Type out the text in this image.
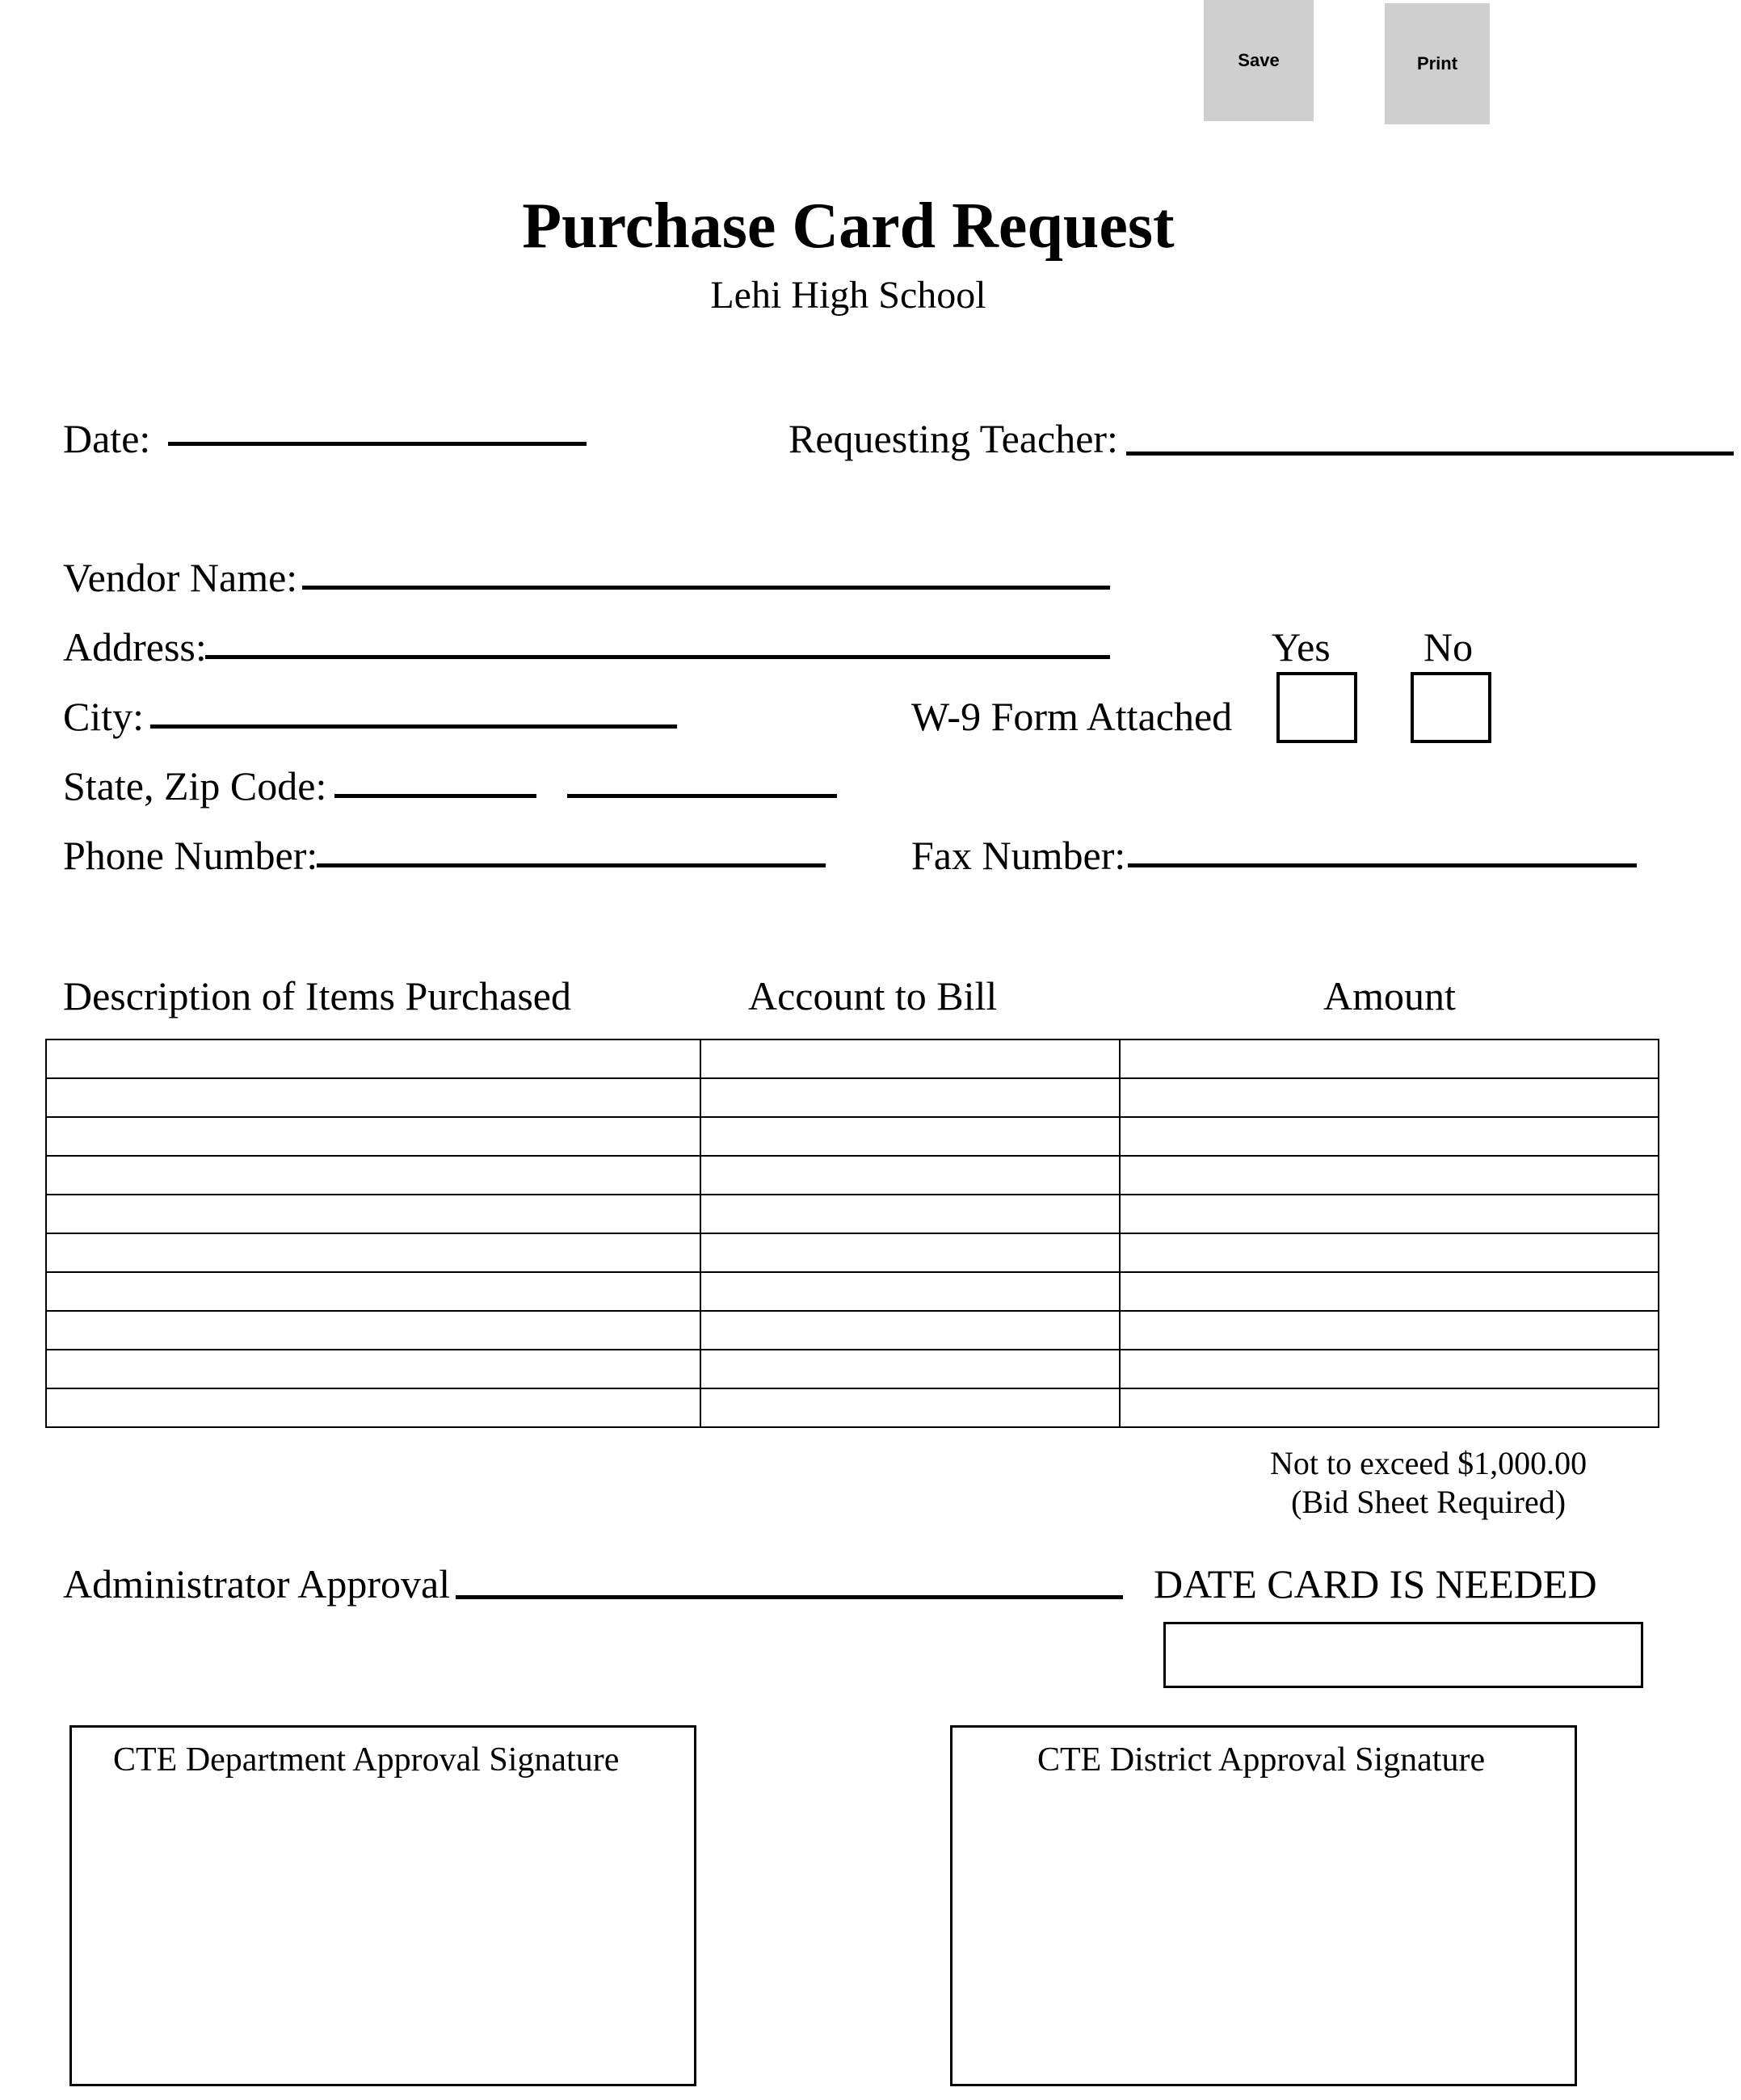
Save	Print
Purchase Card Request
Lehi High School
Date:	Requesting Teacher:
Vendor Name:
Address:
City:
State, Zip Code:
Phone Number:
Yes No
W-9 Form Attached
Fax Number:
Description of Items Purchased	Account to Bill	Amount

Not to exceed $1,000.00
(Bid Sheet Required)
Administrator Approval	DATE CARD IS NEEDED
CTE Department Approval Signature	CTE District Approval Signature
